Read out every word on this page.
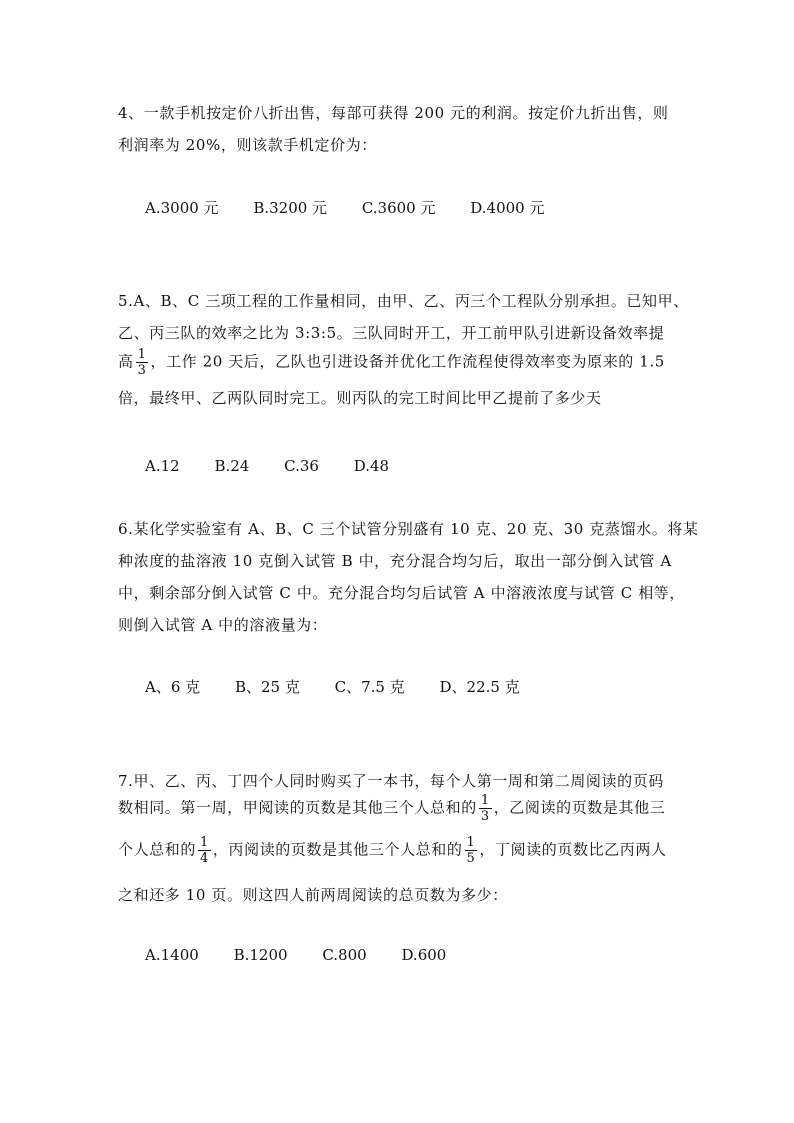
4、一款手机按定价八折出售，每部可获得 200 元的利润。按定价九折出售，则
利润率为 20%，则该款手机定价为：
A.3000 元 B.3200 元 C.3600 元 D.4000 元
5.A、B、C 三项工程的工作量相同，由甲、乙、丙三个工程队分别承担。已知甲、
乙、丙三队的效率之比为 3:3:5。三队同时开工，开工前甲队引进新设备效率提
高 $\frac{1}{3}$ ，工作 20 天后，乙队也引进设备并优化工作流程使得效率变为原来的 1.5
倍，最终甲、乙两队同时完工。则丙队的完工时间比甲乙提前了多少天
A.12 B.24 C.36 D.48
6.某化学实验室有 A、B、C 三个试管分别盛有 10 克、20 克、30 克蒸馏水。将某
种浓度的盐溶液 10 克倒入试管 B 中，充分混合均匀后，取出一部分倒入试管 A
中，剩余部分倒入试管 C 中。充分混合均匀后试管 A 中溶液浓度与试管 C 相等，
则倒入试管 A 中的溶液量为：
A、6 克 B、25 克 C、7.5 克 D、22.5 克
7.甲、乙、丙、丁四个人同时购买了一本书，每个人第一周和第二周阅读的页码
数相同。第一周，甲阅读的页数是其他三个人总和的 $\frac{1}{3}$ ，乙阅读的页数是其他三
个人总和的 $\frac{1}{4}$ ，丙阅读的页数是其他三个人总和的 $\frac{1}{5}$ ，丁阅读的页数比乙丙两人
之和还多 10 页。则这四人前两周阅读的总页数为多少：
A.1400 B.1200 C.800 D.600
